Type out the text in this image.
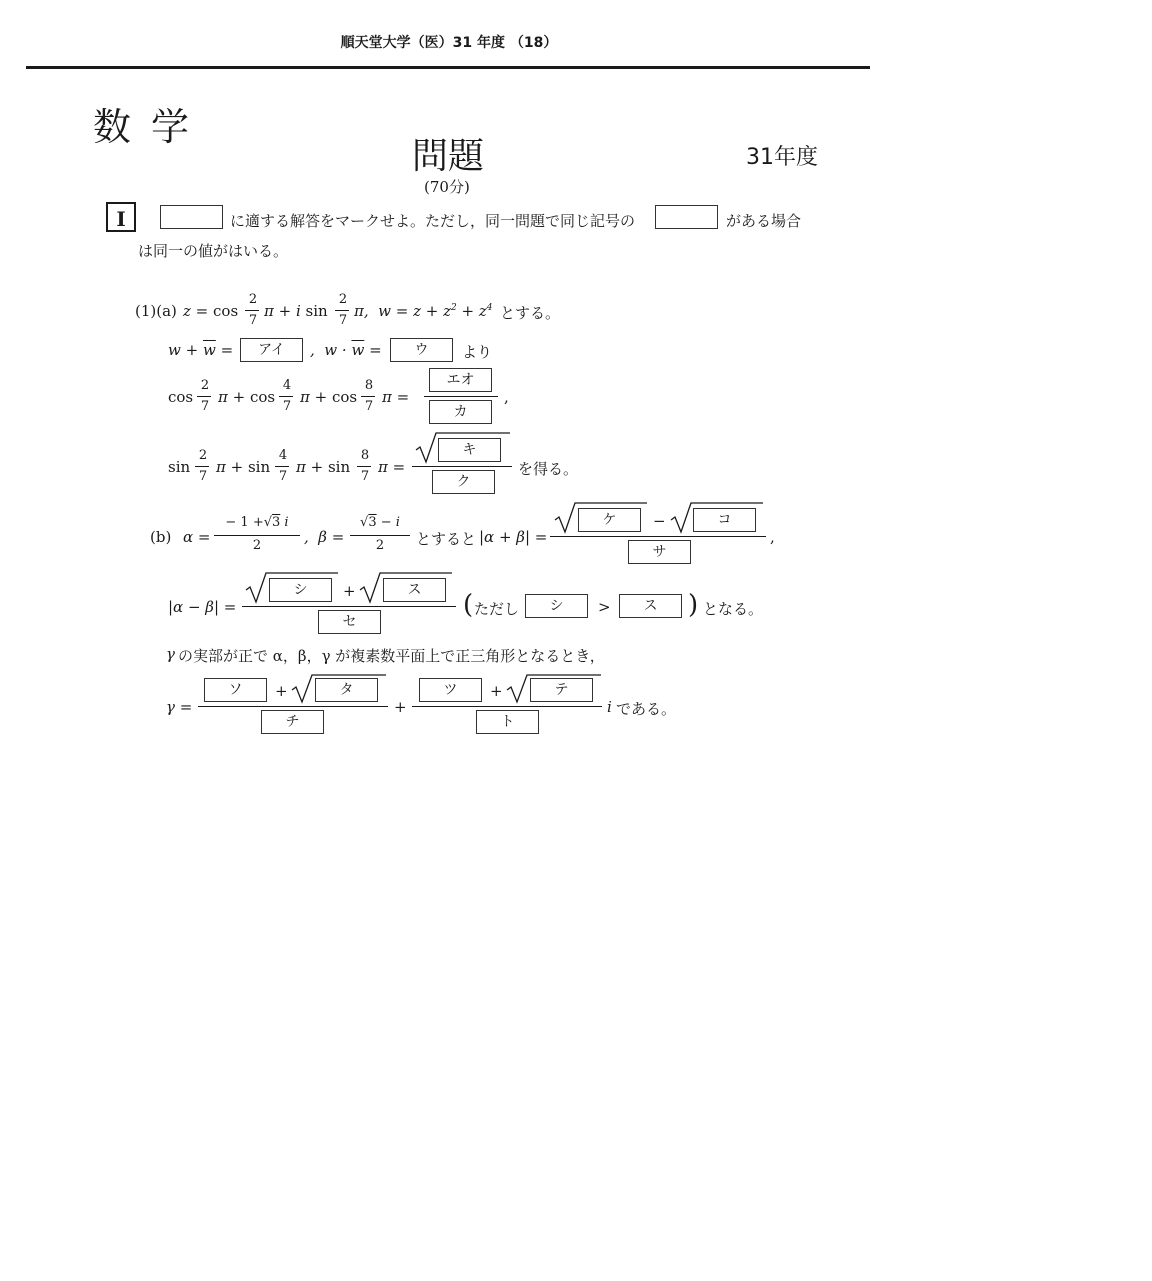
順天堂大学（医）31 年度 （18）
数学
問題	31年度
(70分)
I	に適する解答をマークせよ。ただし，同一問題で同じ記号の	がある場合
は同一の値がはいる。
(1)(a) z = cos
2
7
π + i sin
2
7
π,  $w = z + z^2 + z^4$ とする。
$w + \overline{w}$ =	アイ	,  $w \cdot \overline{w}$ =	ウ	より
cos
2
7
π + cos
4
7
π + cos
8
7
π =
エオ
カ
,
sin
2
7
π + sin
4
7
π + sin
8
7
π =
キ
ク
を得る。
(b) α =
− 1 +√3 i
2	,  β =
√3 − i
2	とすると |α + β| =
ケ	−	コ
サ
,
|α − β| =
シ	+	ス
セ
( ただし	シ	>	ス	) となる。
γ の実部が正で α，β，γ が複素数平面上で正三角形となるとき，
γ =
ソ	+	タ
チ
+
ツ	+	テ
ト
i である。
